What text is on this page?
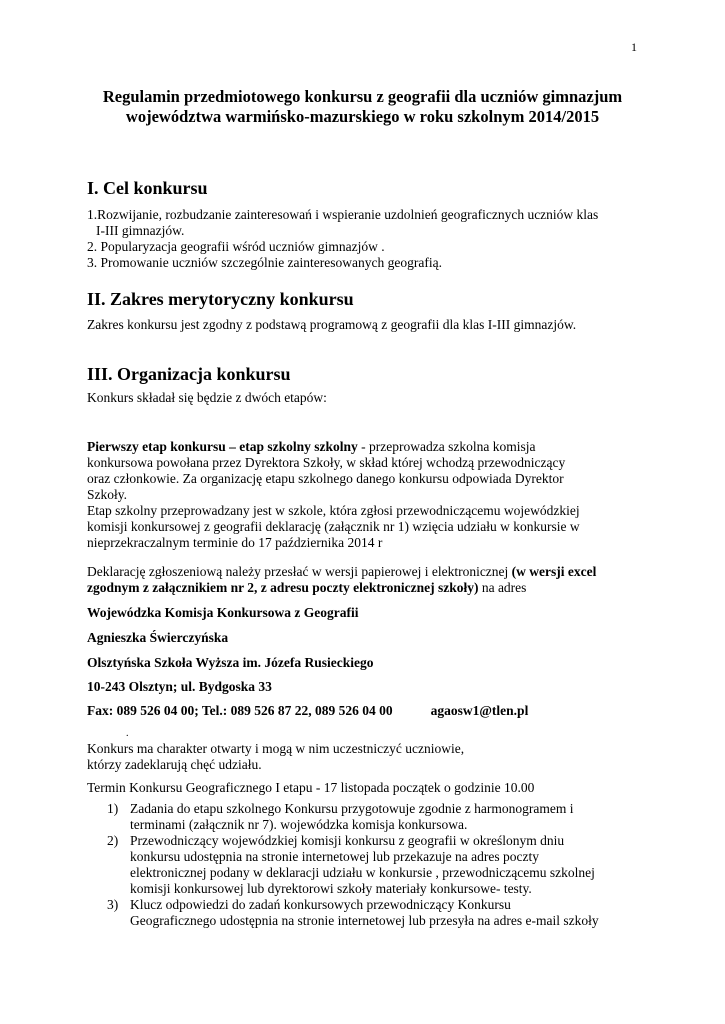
1
Regulamin przedmiotowego konkursu z geografii dla uczniów gimnazjum
województwa warmińsko-mazurskiego w roku szkolnym 2014/2015
I. Cel konkursu

1.Rozwijanie, rozbudzanie zainteresowań i wspieranie uzdolnień geograficznych uczniów klas

I-III gimnazjów.

2. Popularyzacja geografii wśród uczniów gimnazjów .

3. Promowanie uczniów szczególnie zainteresowanych geografią.

II. Zakres merytoryczny konkursu

Zakres konkursu jest zgodny z podstawą programową z geografii dla klas I-III gimnazjów.

III. Organizacja konkursu

Konkurs składał się będzie z dwóch etapów:

Pierwszy etap konkursu – etap szkolny szkolny - przeprowadza szkolna komisja

konkursowa powołana przez Dyrektora Szkoły, w skład której wchodzą przewodniczący

oraz członkowie. Za organizację etapu szkolnego danego konkursu odpowiada Dyrektor

Szkoły.

Etap szkolny przeprowadzany jest w szkole, która zgłosi przewodniczącemu wojewódzkiej

komisji konkursowej z geografii deklarację (załącznik nr 1) wzięcia udziału w konkursie w

nieprzekraczalnym terminie do 17 października 2014 r

Deklarację zgłoszeniową należy przesłać w wersji papierowej i elektronicznej (w wersji excel

zgodnym z załącznikiem nr 2, z adresu poczty elektronicznej szkoły) na adres

Wojewódzka Komisja Konkursowa z Geografii
Agnieszka Świerczyńska
Olsztyńska Szkoła Wyższa im. Józefa Rusieckiego
10-243 Olsztyn; ul. Bydgoska 33
Fax: 089 526 04 00; Tel.: 089 526 87 22, 089 526 04 00	agaosw1@tlen.pl
.

Konkurs ma charakter otwarty i mogą w nim uczestniczyć uczniowie,

którzy zadeklarują chęć udziału.

Termin Konkursu Geograficznego I etapu - 17 listopada początek o godzinie 10.00

1) Zadania do etapu szkolnego Konkursu przygotowuje zgodnie z harmonogramem i
terminami (załącznik nr 7). wojewódzka komisja konkursowa.
2) Przewodniczący wojewódzkiej komisji konkursu z geografii w określonym dniu
konkursu udostępnia na stronie internetowej lub przekazuje na adres poczty
elektronicznej podany w deklaracji udziału w konkursie , przewodniczącemu szkolnej
komisji konkursowej lub dyrektorowi szkoły materiały konkursowe- testy.
3) Klucz odpowiedzi do zadań konkursowych przewodniczący Konkursu
Geograficznego udostępnia na stronie internetowej lub przesyła na adres e-mail szkoły
